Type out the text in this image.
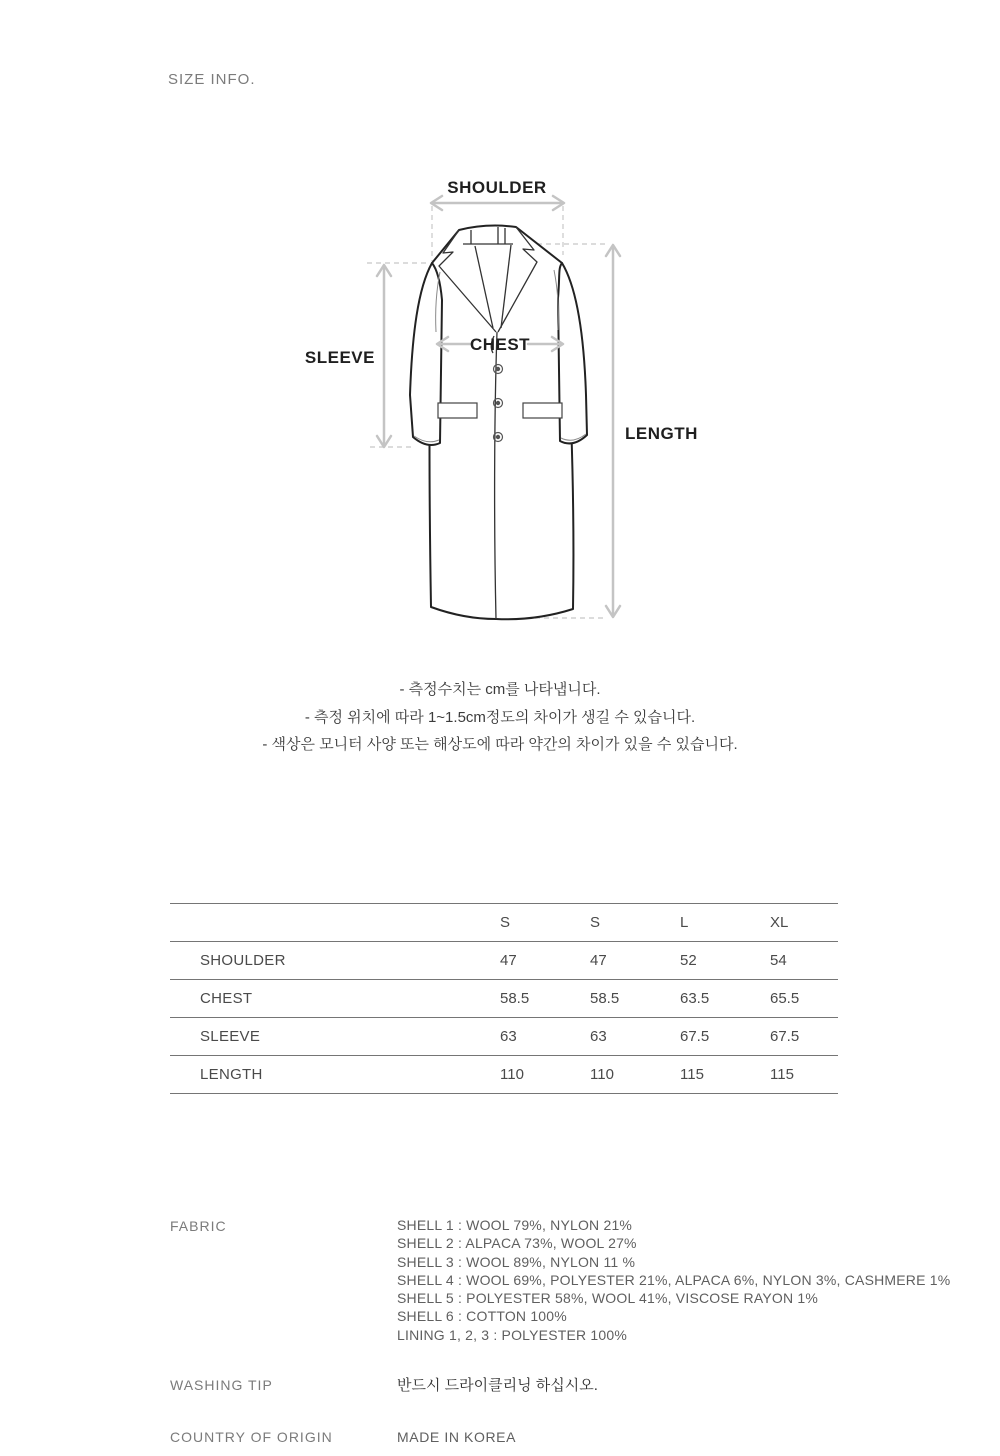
SIZE INFO.
SHOULDER
SLEEVE
CHEST
LENGTH
- 측정수치는 cm를 나타냅니다.
- 측정 위치에 따라 1~1.5cm정도의 차이가 생길 수 있습니다.
- 색상은 모니터 사양 또는 해상도에 따라 약간의 차이가 있을 수 있습니다.
	S	S	L	XL
SHOULDER	47	47	52	54
CHEST	58.5	58.5	63.5	65.5
SLEEVE	63	63	67.5	67.5
LENGTH	110	110	115	115
FABRIC	SHELL 1 : WOOL 79%, NYLON 21%
SHELL 2 : ALPACA 73%, WOOL 27%
SHELL 3 : WOOL 89%, NYLON 11 %
SHELL 4 : WOOL 69%, POLYESTER 21%, ALPACA 6%, NYLON 3%, CASHMERE 1%
SHELL 5 : POLYESTER 58%, WOOL 41%, VISCOSE RAYON 1%
SHELL 6 : COTTON 100%
LINING 1, 2, 3 : POLYESTER 100%
WASHING TIP	반드시 드라이클리닝 하십시오.
COUNTRY OF ORIGIN	MADE IN KOREA
